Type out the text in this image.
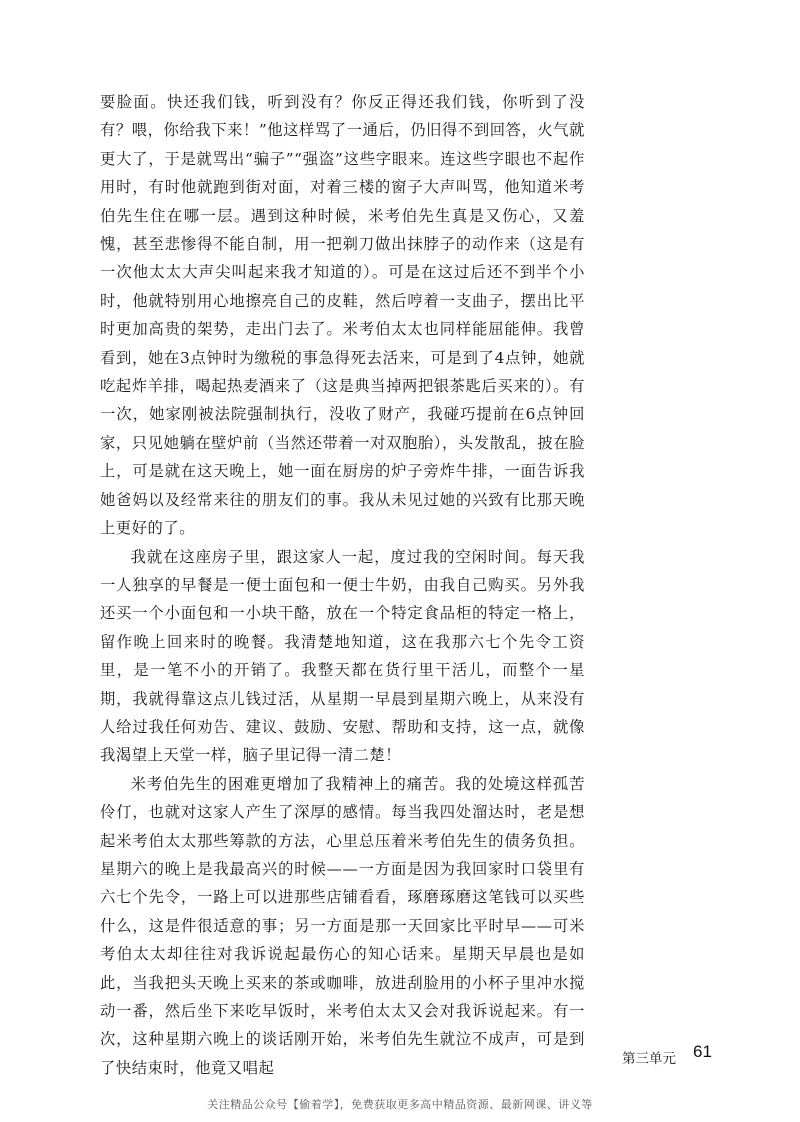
要脸面。快还我们钱，听到没有？你反正得还我们钱，你听到了没有？喂，你给我下来！”他这样骂了一通后，仍旧得不到回答，火气就更大了，于是就骂出“骗子”“强盗”这些字眼来。连这些字眼也不起作用时，有时他就跑到街对面，对着三楼的窗子大声叫骂，他知道米考伯先生住在哪一层。遇到这种时候，米考伯先生真是又伤心，又羞愧，甚至悲惨得不能自制，用一把剃刀做出抹脖子的动作来（这是有一次他太太大声尖叫起来我才知道的）。可是在这过后还不到半个小时，他就特别用心地擦亮自己的皮鞋，然后哼着一支曲子，摆出比平时更加高贵的架势，走出门去了。米考伯太太也同样能屈能伸。我曾看到，她在3点钟时为缴税的事急得死去活来，可是到了4点钟，她就吃起炸羊排，喝起热麦酒来了（这是典当掉两把银茶匙后买来的）。有一次，她家刚被法院强制执行，没收了财产，我碰巧提前在6点钟回家，只见她躺在壁炉前（当然还带着一对双胞胎），头发散乱，披在脸上，可是就在这天晚上，她一面在厨房的炉子旁炸牛排，一面告诉我她爸妈以及经常来往的朋友们的事。我从未见过她的兴致有比那天晚上更好的了。

我就在这座房子里，跟这家人一起，度过我的空闲时间。每天我一人独享的早餐是一便士面包和一便士牛奶，由我自己购买。另外我还买一个小面包和一小块干酪，放在一个特定食品柜的特定一格上，留作晚上回来时的晚餐。我清楚地知道，这在我那六七个先令工资里，是一笔不小的开销了。我整天都在货行里干活儿，而整个一星期，我就得靠这点儿钱过活，从星期一早晨到星期六晚上，从来没有人给过我任何劝告、建议、鼓励、安慰、帮助和支持，这一点，就像我渴望上天堂一样，脑子里记得一清二楚！

米考伯先生的困难更增加了我精神上的痛苦。我的处境这样孤苦伶仃，也就对这家人产生了深厚的感情。每当我四处溜达时，老是想起米考伯太太那些筹款的方法，心里总压着米考伯先生的债务负担。星期六的晚上是我最高兴的时候——一方面是因为我回家时口袋里有六七个先令，一路上可以进那些店铺看看，琢磨琢磨这笔钱可以买些什么，这是件很适意的事；另一方面是那一天回家比平时早——可米考伯太太却往往对我诉说起最伤心的知心话来。星期天早晨也是如此，当我把头天晚上买来的茶或咖啡，放进刮脸用的小杯子里冲水搅动一番，然后坐下来吃早饭时，米考伯太太又会对我诉说起来。有一次，这种星期六晚上的谈话刚开始，米考伯先生就泣不成声，可是到了快结束时，他竟又唱起	第三单元 61
关注精品公众号【偷着学】，免费获取更多高中精品资源、最新网课、讲义等
